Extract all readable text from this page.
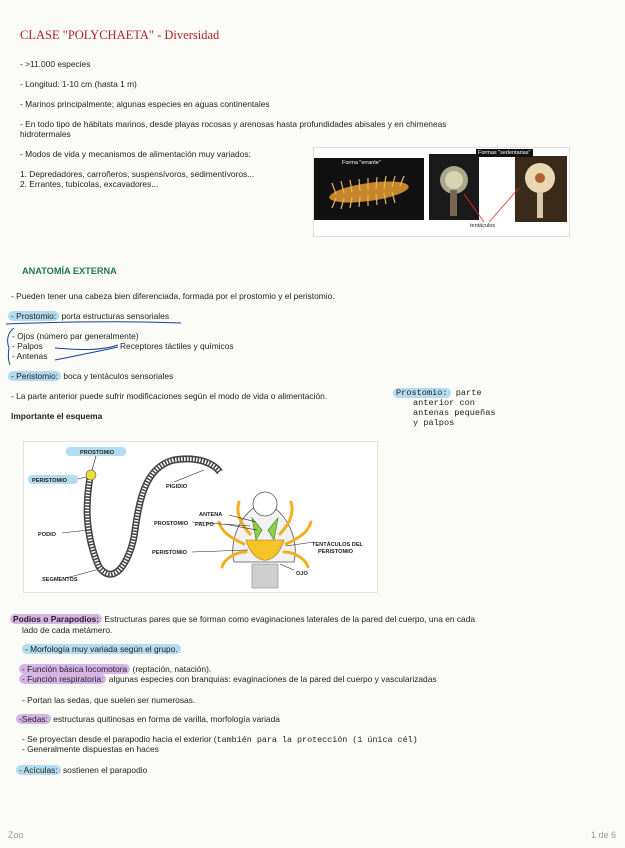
CLASE "POLYCHAETA" - Diversidad
- >11.000 especies
- Longitud: 1-10 cm (hasta 1 m)
- Marinos principalmente; algunas especies en aguas continentales
- En todo tipo de hábitats marinos, desde playas rocosas y arenosas hasta profundidades abisales y en chimeneas
hidrotermales
- Modos de vida y mecanismos de alimentación muy variados:
1. Depredadores, carroñeros, suspensívoros, sedimentívoros...
2. Errantes, tubícolas, excavadores...
Forma "errante"
Formas "sedentarias"
tentáculos
ANATOMÍA EXTERNA
- Pueden tener una cabeza bien diferenciada, formada por el prostomio y el peristomio.
- Prostomio: porta estructuras sensoriales
- Ojos (número par generalmente)
- Palpos	Receptores táctiles y químicos
- Antenas
- Peristomio: boca y tentáculos sensoriales
- La parte anterior puede sufrir modificaciones según el modo de vida o alimentación.
Importante el esquema
Prostomio: parte
anterior con
antenas pequeñas
y palpos
PROSTOMIO
PERISTOMIO
PIGIDIO
PODIO
SEGMENTOS
ANTENA
PROSTOMIO PALPO
PERISTOMIO
TENTÁCULOS DEL
PERISTOMIO
OJO
Podios o Parapodios: Estructuras pares que se forman como evaginaciones laterales de la pared del cuerpo, una en cada
lado de cada metámero.
- Morfología muy variada según el grupo.
- Función básica locomotora (reptación, natación).
- Función respiratoria: algunas especies con branquias: evaginaciones de la pared del cuerpo y vascularizadas
- Portan las sedas, que suelen ser numerosas.
-Sedas: estructuras quitinosas en forma de varilla, morfología variada
- Se proyectan desde el parapodio hacia el exterior (también para la protección (1 única cél)
- Generalmente dispuestas en haces
- Acículas: sostienen el parapodio
Zoo	1 de 6
